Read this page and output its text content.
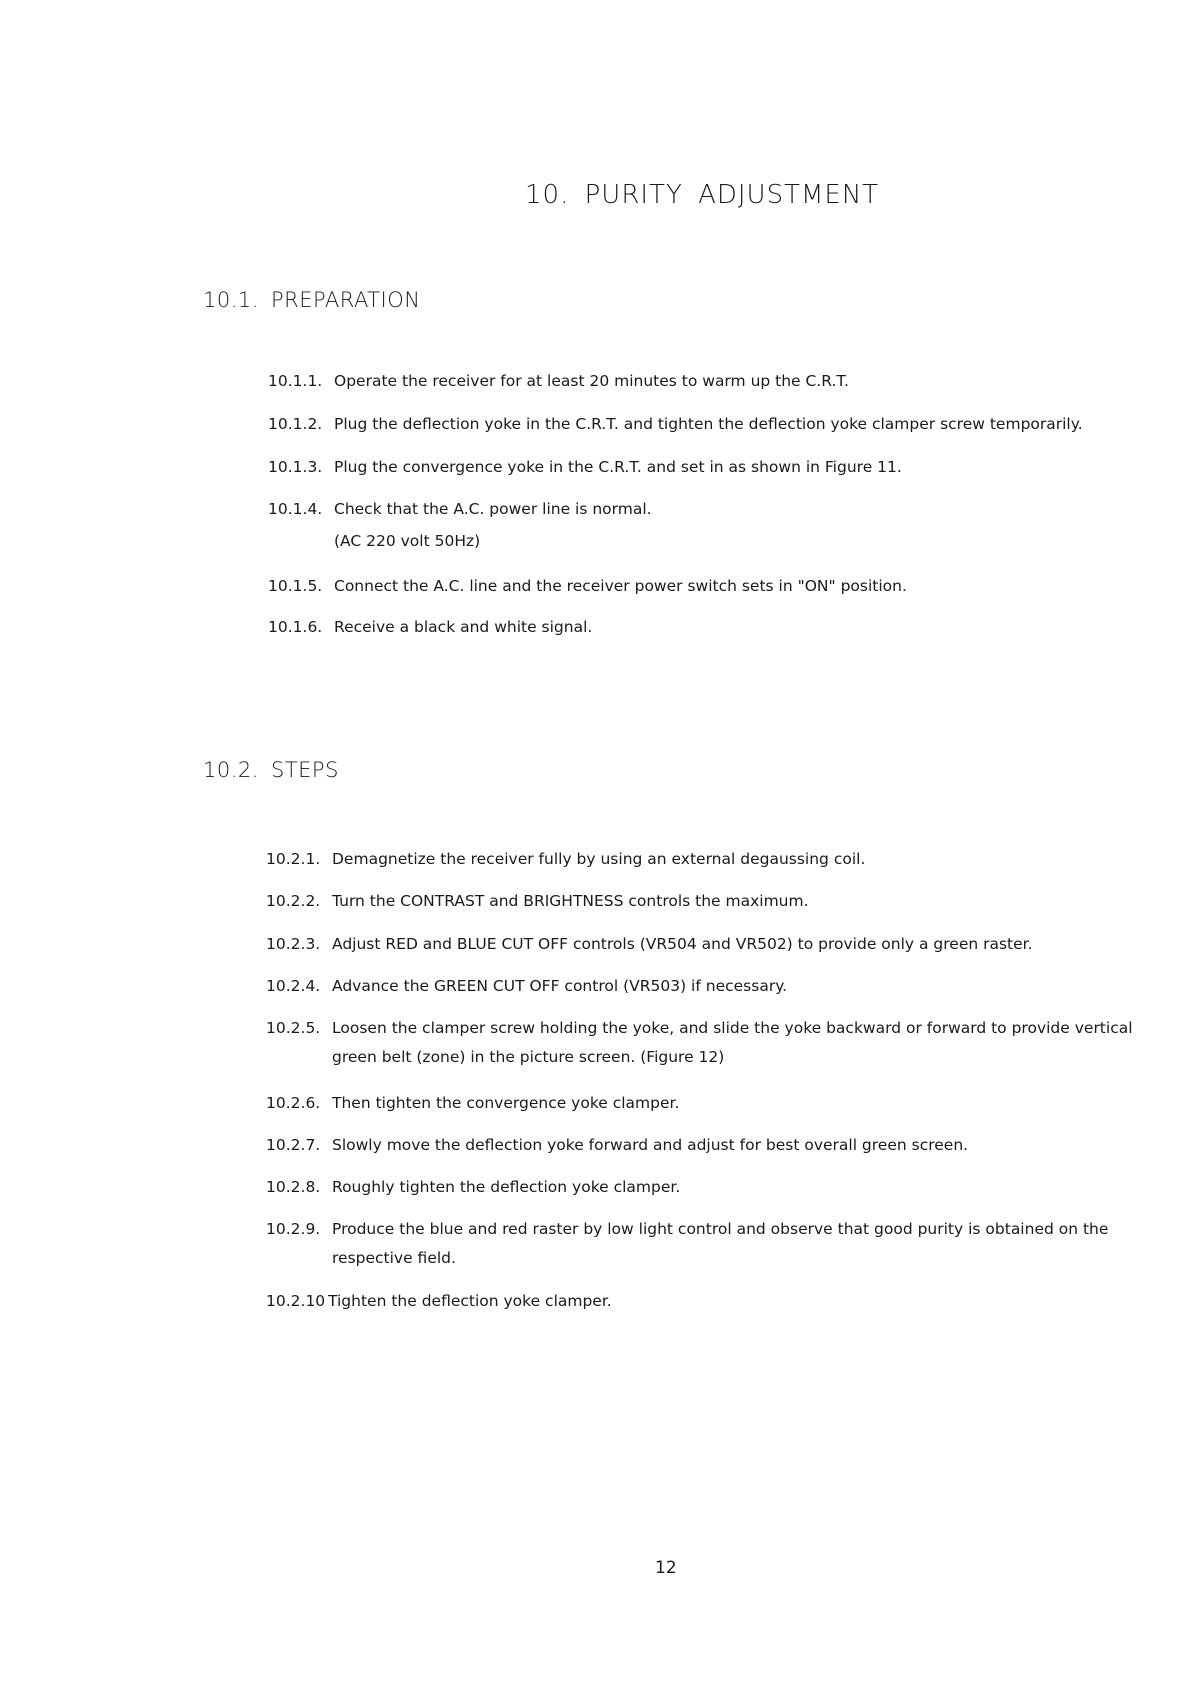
10. PURITY ADJUSTMENT
10.1. PREPARATION
10.1.1. Operate the receiver for at least 20 minutes to warm up the C.R.T.
10.1.2. Plug the deflection yoke in the C.R.T. and tighten the deflection yoke clamper screw temporarily.
10.1.3. Plug the convergence yoke in the C.R.T. and set in as shown in Figure 11.
10.1.4. Check that the A.C. power line is normal.
(AC 220 volt 50Hz)
10.1.5. Connect the A.C. line and the receiver power switch sets in "ON" position.
10.1.6. Receive a black and white signal.
10.2. STEPS
10.2.1. Demagnetize the receiver fully by using an external degaussing coil.
10.2.2. Turn the CONTRAST and BRIGHTNESS controls the maximum.
10.2.3. Adjust RED and BLUE CUT OFF controls (VR504 and VR502) to provide only a green raster.
10.2.4. Advance the GREEN CUT OFF control (VR503) if necessary.
10.2.5. Loosen the clamper screw holding the yoke, and slide the yoke backward or forward to provide vertical
green belt (zone) in the picture screen. (Figure 12)
10.2.6. Then tighten the convergence yoke clamper.
10.2.7. Slowly move the deflection yoke forward and adjust for best overall green screen.
10.2.8. Roughly tighten the deflection yoke clamper.
10.2.9. Produce the blue and red raster by low light control and observe that good purity is obtained on the
respective field.
10.2.10 Tighten the deflection yoke clamper.
12
